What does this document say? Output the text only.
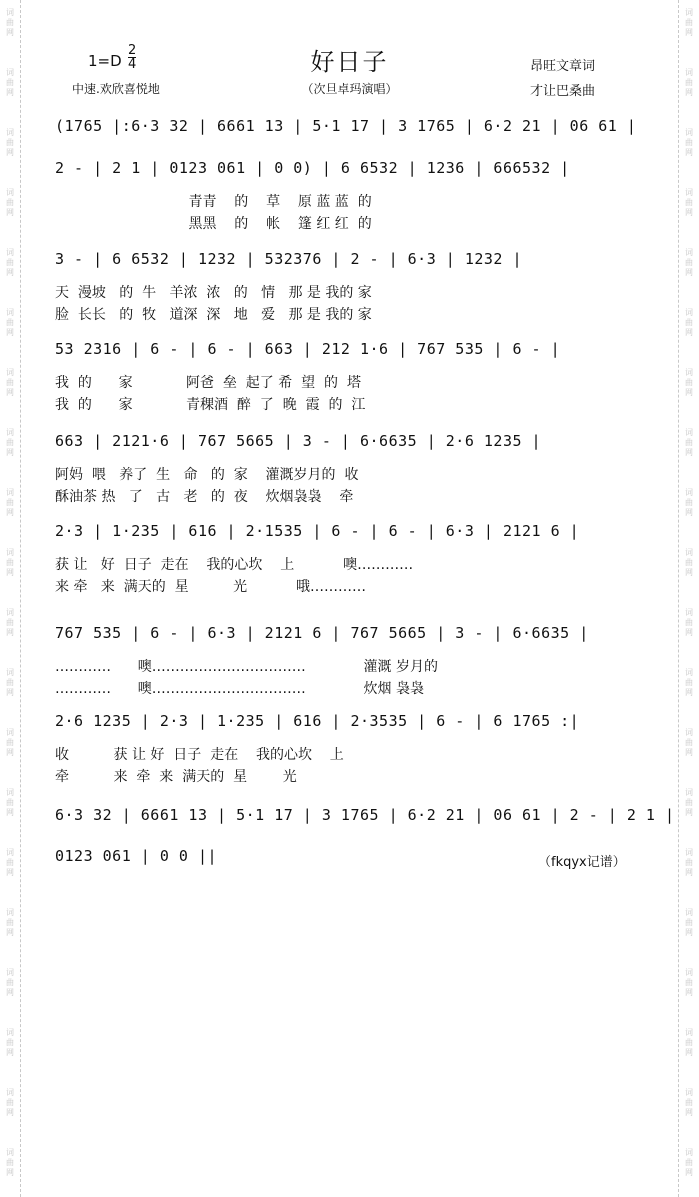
词
曲
网
词
曲
网
词
曲
网
词
曲
网
词
曲
网
词
曲
网
词
曲
网
词
曲
网
词
曲
网
词
曲
网
词
曲
网
词
曲
网
词
曲
网
词
曲
网
词
曲
网
词
曲
网
词
曲
网
词
曲
网
词
曲
网
词
曲
网
词
曲
网
词
曲
网
词
曲
网
词
曲
网
词
曲
网
词
曲
网
词
曲
网
词
曲
网
词
曲
网
词
曲
网
词
曲
网
词
曲
网
词
曲
网
词
曲
网
词
曲
网
词
曲
网
词
曲
网
词
曲
网
词
曲
网
词
曲
网
1=D
2
4	好日子	昂旺文章词
中速.欢欣喜悦地	（次旦卓玛演唱）	才让巴桑曲
(1765 |:6·3 32 | 6661 13 | 5·1 17 | 3 1765 | 6·2 21 | 06 61 |
2 - | 2 1 | 0123 061 | 0 0) | 6 6532 | 1236 | 666532 |
青青    的    草    原 蓝 蓝  的
黑黑    的    帐    篷 红 红  的
3 - | 6 6532 | 1232 | 532376 | 2 - | 6·3 | 1232 |
天  漫坡   的  牛   羊浓  浓   的   情   那 是 我的 家
脸  长长   的  牧   道深  深   地   爱   那 是 我的 家
53 2316 | 6 - | 6 - | 663 | 212 1·6 | 767 535 | 6 - |
我  的      家            阿爸  垒  起了 希  望  的  塔
我  的      家            青稞酒  醉  了  晚  霞  的  江
663 | 2121·6 | 767 5665 | 3 - | 6·6635 | 2·6 1235 |
阿妈  喂   养了  生   命   的  家    灌溉岁月的  收
酥油茶 热   了   古   老   的  夜    炊烟袅袅    牵
2·3 | 1·235 | 616 | 2·1535 | 6 - | 6 - | 6·3 | 2121 6 |
获 让   好  日子  走在    我的心坎    上           噢…………
来 牵   来  满天的  星          光           哦…………
767 535 | 6 - | 6·3 | 2121 6 | 767 5665 | 3 - | 6·6635 |
…………      噢……………………………             灌溉 岁月的
…………      噢……………………………             炊烟 袅袅
2·6 1235 | 2·3 | 1·235 | 616 | 2·3535 | 6 - | 6 1765 :|
收          获 让 好  日子  走在    我的心坎    上
牵          来  牵  来  满天的  星        光
6·3 32 | 6661 13 | 5·1 17 | 3 1765 | 6·2 21 | 06 61 | 2 - | 2 1 |
0123 061 | 0 0 ||	（fkqyx记谱）
